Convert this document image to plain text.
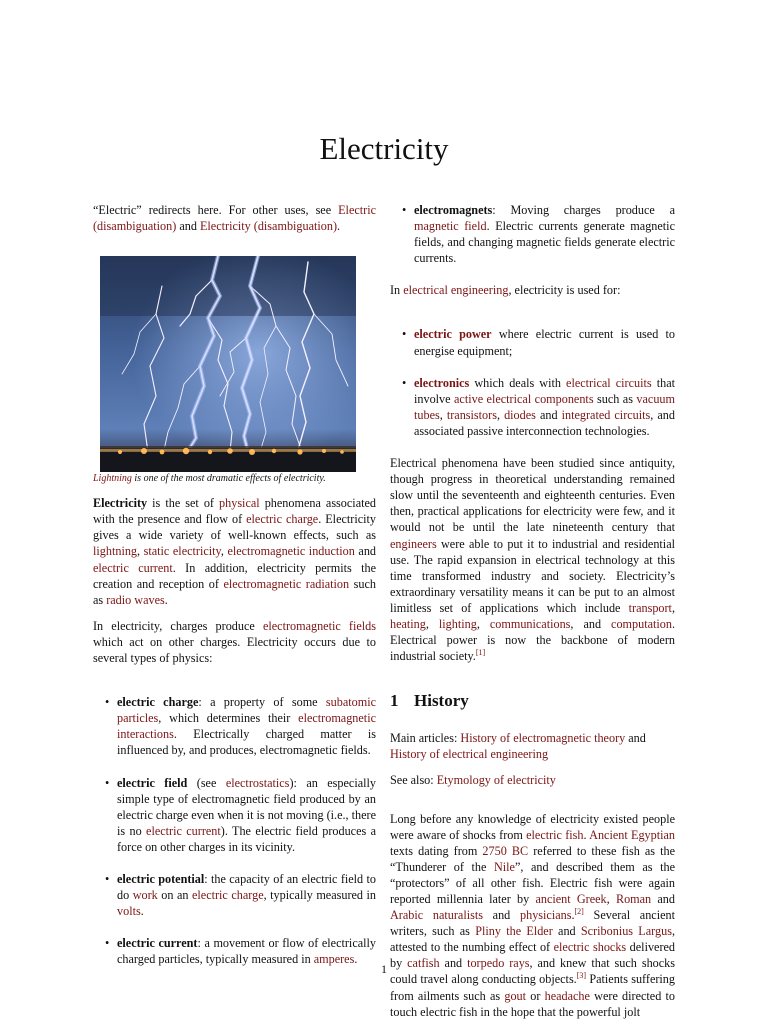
Electricity

“Electric” redirects here. For other uses, see Electric (disambiguation) and Electricity (disambiguation).

Lightning is one of the most dramatic effects of electricity.

Electricity is the set of physical phenomena associated with the presence and flow of electric charge. Electricity gives a wide variety of well-known effects, such as lightning, static electricity, electromagnetic induction and electric current. In addition, electricity permits the creation and reception of electromagnetic radiation such as radio waves.

In electricity, charges produce electromagnetic fields which act on other charges. Electricity occurs due to several types of physics:

• electric charge: a property of some subatomic particles, which determines their electromagnetic interactions. Electrically charged matter is influenced by, and produces, electromagnetic fields.
• electric field (see electrostatics): an especially simple type of electromagnetic field produced by an electric charge even when it is not moving (i.e., there is no electric current). The electric field produces a force on other charges in its vicinity.
• electric potential: the capacity of an electric field to do work on an electric charge, typically measured in volts.
• electric current: a movement or flow of electrically charged particles, typically measured in amperes.
• electromagnets: Moving charges produce a magnetic field. Electric currents generate magnetic fields, and changing magnetic fields generate electric currents.

In electrical engineering, electricity is used for:

• electric power where electric current is used to energise equipment;
• electronics which deals with electrical circuits that involve active electrical components such as vacuum tubes, transistors, diodes and integrated circuits, and associated passive interconnection technologies.

Electrical phenomena have been studied since antiquity, though progress in theoretical understanding remained slow until the seventeenth and eighteenth centuries. Even then, practical applications for electricity were few, and it would not be until the late nineteenth century that engineers were able to put it to industrial and residential use. The rapid expansion in electrical technology at this time transformed industry and society. Electricity’s extraordinary versatility means it can be put to an almost limitless set of applications which include transport, heating, lighting, communications, and computation. Electrical power is now the backbone of modern industrial society.[1]

1 History

Main articles: History of electromagnetic theory and History of electrical engineering

See also: Etymology of electricity

Long before any knowledge of electricity existed people were aware of shocks from electric fish. Ancient Egyptian texts dating from 2750 BC referred to these fish as the “Thunderer of the Nile”, and described them as the “protectors” of all other fish. Electric fish were again reported millennia later by ancient Greek, Roman and Arabic naturalists and physicians.[2] Several ancient writers, such as Pliny the Elder and Scribonius Largus, attested to the numbing effect of electric shocks delivered by catfish and torpedo rays, and knew that such shocks could travel along conducting objects.[3] Patients suffering from ailments such as gout or headache were directed to touch electric fish in the hope that the powerful jolt

1
